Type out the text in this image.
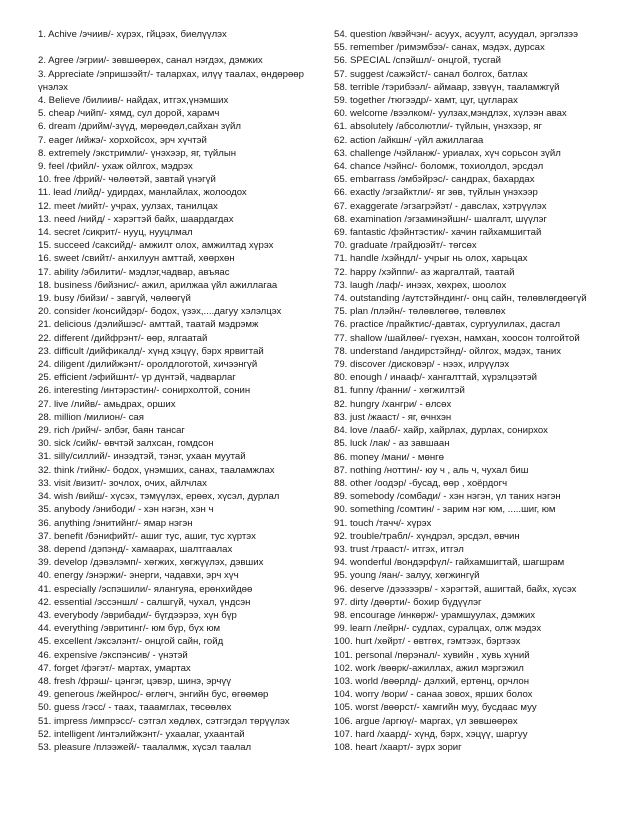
1. Achive /эчиив/- хүрэх, гйцээх, биелүүлэх
2. Agree /эгрии/- зөвшөөрөх, санал нэгдэх, дэмжих
3. Appreciate /эпришээйт/- талархах, илүү таалах, өндөрөөр үнэлэх
4. Believe /билиив/- найдах, итгэх,үнэмших
5. cheap /чийп/- хямд, сул дорой, харамч
6. dream /дрийм/-зүүд, мөрөөдөл,сайхан зүйл
7. eager /ийжэ/- хорхойсох, эрч хүчтэй
8. extremely /экстримли/- үнэхээр, яг, түйлын
9. feel /фийл/- ухаж ойлгох, мэдрэх
10. free /фрий/- чөлөөтэй, завтай үнэгүй
11. lead /лийд/- удирдах, манлайлах, жолоодох
12. meet /мийт/- учрах, уулзах, танилцах
13. need /нийд/ - хэрэгтэй байх, шаардагдах
14. secret /сикрит/- нууц, нууцлмал
15. succeed /саксийд/- амжилт олох, амжилтад хүрэх
16. sweet /свийт/- анхилуун амттай, хөөрхөн
17. ability /эбилити/- мэдлэг,чадвар, авъяас
18. business /бийзнис/- ажил, арилжаа үйл ажиллагаа
19. busy /бийзи/ - завгүй, чөлөөгүй
20. consider /консийдэр/- бодох, үзэх,....дагуу хэлэлцэх
21. delicious /дэлийшэс/- амттай, таатай мэдрэмж
22. different /дийфрэнт/- өөр, ялгаатай
23. difficult /дийфикалд/- хүнд хэцүү, бэрх ярвигтай
24. diligent /дилийжэнт/- оролдлоготой, хичээнгүй
25. efficient /эфийшнт/- үр дүнтэй, чадварлаг
26. interesting /интэрэстин/- сонирхолтой, сонин
27. live /лийв/- амьдрах, орших
28. million /милион/- сая
29. rich /рийч/- элбэг, баян тансаг
30. sick /сийк/- өвчтэй залхсан, гомдсон
31. silly/силлий/- инээдтэй, тэнэг, ухаан муутай
32. think /тийнк/- бодох, үнэмших, санах, тааламжлах
33. visit /визит/- зочлох, очих, айлчлах
34. wish /вийш/- хүсэх, тэмүүлэх, ерөөх, хүсэл, дурлал
35. anybody /энибоди/ - хэн нэгэн, хэн ч
36. anything /энитийнг/- ямар нэгэн
37. benefit /бэнифийт/- ашиг тус, ашиг, тус хүртэх
38. depend /дэпэнд/- хамаарах, шалтгаалах
39. develop /дэвэлэмп/- хөгжих, хөгжүүлэх, дэвших
40. energy /энэржи/- энерги, чадавхи, эрч хүч
41. especially /эспэшили/- ялангуяа, ерөнхийдөө
42. essential /эссэншл/ - салшгүй, чухал, үндсэн
43. everybody /эврибади/- бүгдээрээ, хүн бүр
44. everything /эвритинг/- юм бүр, бүх юм
45. excellent /эксэлэнт/- онцгой сайн, гойд
46. expensive /экспэнсив/ - үнэтэй
47. forget /фэгэт/- мартах, умартах
48. fresh /фрэш/- цэнгэг, цэвэр, шинэ, эрчүү
49. generous /жейнрос/- өглөгч, энгийн бус, өгөөмөр
50. guess /гэсс/ - таах, тааамглах, төсөөлөх
51. impress /импрэсс/- сэтгэл хөдлөх, сэтгэгдэл төрүүлэх
52. intelligent /интэлийжэнт/- ухаалаг, ухаантай
53. pleasure /плээжей/- таалалмж, хүсэл таалал
54. question /квэйчэн/- асуух, асуулт, асуудал, эргэлзээ
55. remember /римэмбээ/- санах, мэдэх, дурсах
56. SPECIAL /спэйшл/- онцгой, тусгай
57. suggest /сажэйст/- санал болгох, батлах
58. terrible /тэрибээл/- аймаар, зэвүүн, тааламжгүй
59. together /тюгээдр/- хамт, цуг, цугларах
60. welcome /вээлком/- уулзах,мэндлэх, хүлээн авах
61. absolutely /абсолютли/- түйлын, үнэхээр, яг
62. action /айкшн/ -үйл ажиллагаа
63. challenge /чэйланж/- уриалах, хүч сорьсон зүйл
64. chance /чэйнс/- боломж, тохиолдол, эрсдэл
65. embarrass /эмбэйрэс/- сандрах, бахардах
66. exactly /эгзайктли/- яг зөв, түйлын үнэхээр
67. exaggerate /эгзагрэйэт/ - давслах, хэтрүүлэх
68. examination /эгзаминэйшн/- шалгалт, шүүлэг
69. fantastic /фэйнтэстик/- хачин гайхамшигтай
70. graduate /грайдюэйт/- төгсөх
71. handle /хэйндл/- учрыг нь олох, харьцах
72. happy /хэйппи/- аз жаргалтай, таатай
73. laugh /лаф/- инээх, хөхрөх, шоолох
74. outstanding /аутстэйндинг/- онц сайн, төлөвлөгдөөгүй
75. plan /плэйн/- төлөвлөгөө, төлөвлөх
76. practice /прайктис/-давтах, сургуулилах, дасгал
77. shallow /шайлөө/- гүехэн, намхан, хоосон толгойтой
78. understand /андирстэйнд/- ойлгох, мэдэх, таних
79. discover /дисковэр/ - нээх, илрүүлэх
80. enough / инааф/- хангалттай, хүрэлцээтэй
81. funny /фанни/ - хөгжилтэй
82. hungry /хангри/ - өлсөх
83. just /жааст/ - яг, өчнхэн
84. love /лааб/- хайр, хайрлах, дурлах, сонирхох
85. luck /лак/ - аз завшаан
86. money /мани/ - мөнгө
87. nothing /ноттин/- юу ч , аль ч, чухал биш
88. other /оодэр/ -бусад, өөр , хоёрдогч
89. somebody /сомбади/ - хэн нэгэн, үл таних нэгэн
90. something /сомтин/ - зарим нэг юм, .....шиг, юм
91. touch /тачч/- хүрэх
92. trouble/трабл/- хүндрэл, эрсдэл, өвчин
93. trust /трааст/- итгэх, итгэл
94. wonderful /вондэрфүл/- гайхамшигтай, шагшрам
95. young /яан/- залуу, хөгжингүй
96. deserve /дээзээрв/ - хэрэгтэй, ашигтай, байх, хүсэх
97. dirty /дөөрти/- бохир бүдүүлэг
98. encourage /инкөрж/- урамшуулах, дэмжих
99. learn /лейрн/- судлах, суралцах, олж мэдэх
100. hurt /хөйрт/ - өвтгөх, гэмтээх, бэртээх
101. personal /пөрэнал/- хувийн , хувь хүний
102. work /вөөрк/-ажиллах, ажил мэргэжил
103. world /вөөрлд/- дэлхий, ертөнц, орчлон
104. worry /вори/ - санаа зовох, ярших болох
105. worst /вөөрст/- хамгийн муу, бусдаас муу
106. argue /аргюү/- маргах, үл зөвшөөрөх
107. hard /хаард/- хүнд, бэрх, хэцүү, шаргуу
108. heart /хаарт/- зүрх зориг
